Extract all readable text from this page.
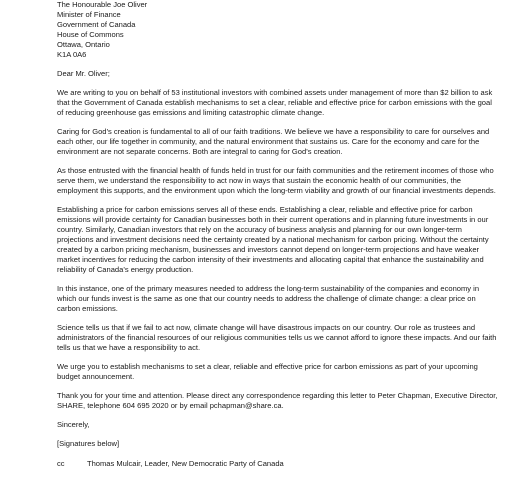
The Honourable Joe Oliver
Minister of Finance
Government of Canada
House of Commons
Ottawa, Ontario
K1A 0A6
Dear Mr. Oliver;

We are writing to you on behalf of 53 institutional investors with combined assets under management of more than $2 billion to ask that the Government of Canada establish mechanisms to set a clear, reliable and effective price for carbon emissions with the goal of reducing greenhouse gas emissions and limiting catastrophic climate change.

Caring for God’s creation is fundamental to all of our faith traditions. We believe we have a responsibility to care for ourselves and each other, our life together in community, and the natural environment that sustains us. Care for the economy and care for the environment are not separate concerns. Both are integral to caring for God’s creation.

As those entrusted with the financial health of funds held in trust for our faith communities and the retirement incomes of those who serve them, we understand the responsibility to act now in ways that sustain the economic health of our communities, the employment this supports, and the environment upon which the long-term viability and growth of our financial investments depends.

Establishing a price for carbon emissions serves all of these ends. Establishing a clear, reliable and effective price for carbon emissions will provide certainty for Canadian businesses both in their current operations and in planning future investments in our country. Similarly, Canadian investors that rely on the accuracy of business analysis and planning for our own longer-term projections and investment decisions need the certainty created by a national mechanism for carbon pricing. Without the certainty created by a carbon pricing mechanism, businesses and investors cannot depend on longer-term projections and have weaker market incentives for reducing the carbon intensity of their investments and allocating capital that enhance the sustainability and reliability of Canada’s energy production.

In this instance, one of the primary measures needed to address the long-term sustainability of the companies and economy in which our funds invest is the same as one that our country needs to address the challenge of climate change: a clear price on carbon emissions.

Science tells us that if we fail to act now, climate change will have disastrous impacts on our country. Our role as trustees and administrators of the financial resources of our religious communities tells us we cannot afford to ignore these impacts. And our faith tells us that we have a responsibility to act.

We urge you to establish mechanisms to set a clear, reliable and effective price for carbon emissions as part of your upcoming budget announcement.

Thank you for your time and attention. Please direct any correspondence regarding this letter to Peter Chapman, Executive Director, SHARE, telephone 604 695 2020 or by email pchapman@share.ca.

Sincerely,
[Signatures below]
cc	Thomas Mulcair, Leader, New Democratic Party of Canada
